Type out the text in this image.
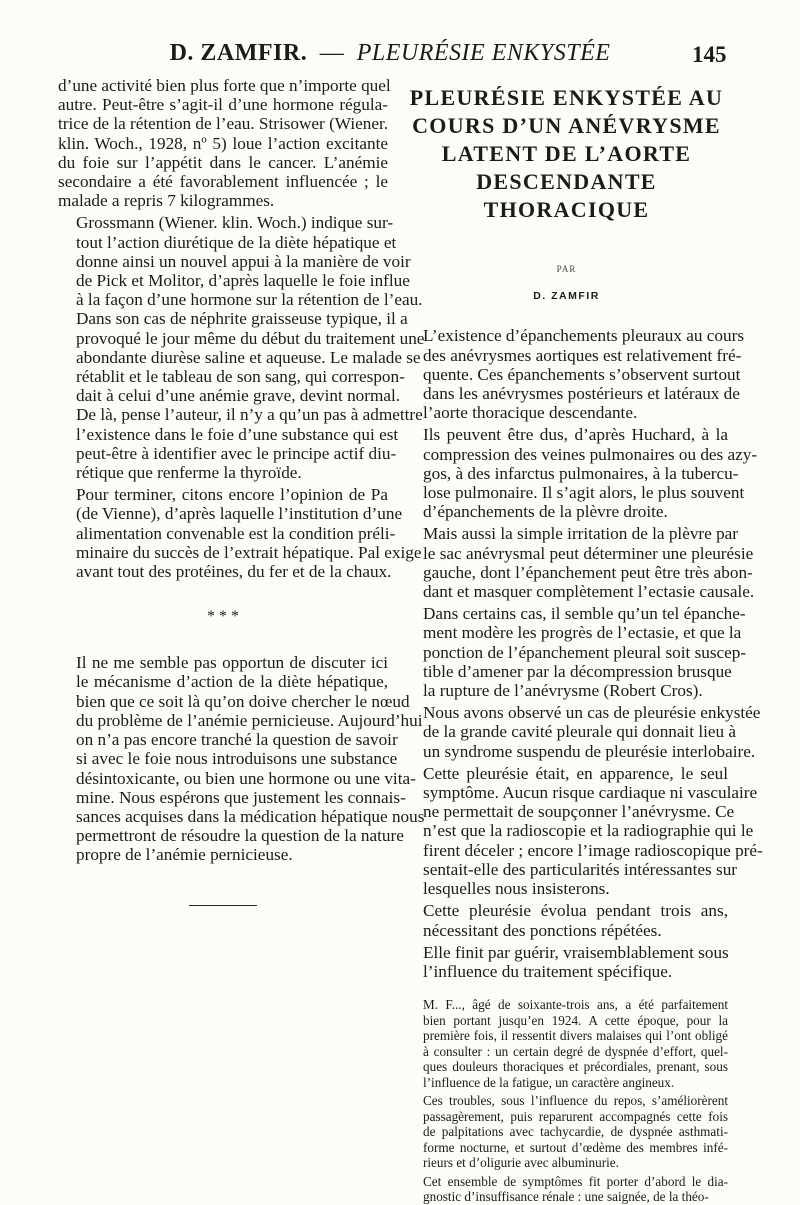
D. ZAMFIR. — PLEURÉSIE ENKYSTÉE	145

d’une activité bien plus forte que n’importe quel
autre. Peut-être s’agit-il d’une hormone régula-
trice de la rétention de l’eau. Strisower (Wiener.
klin. Woch., 1928, nº 5) loue l’action excitante
du foie sur l’appétit dans le cancer. L’anémie
secondaire a été favorablement influencée ; le
malade a repris 7 kilogrammes.

Grossmann (Wiener. klin. Woch.) indique sur-
tout l’action diurétique de la diète hépatique et
donne ainsi un nouvel appui à la manière de voir
de Pick et Molitor, d’après laquelle le foie influe
à la façon d’une hormone sur la rétention de l’eau.
Dans son cas de néphrite graisseuse typique, il a
provoqué le jour même du début du traitement une
abondante diurèse saline et aqueuse. Le malade se
rétablit et le tableau de son sang, qui correspon-
dait à celui d’une anémie grave, devint normal.
De là, pense l’auteur, il n’y a qu’un pas à admettre
l’existence dans le foie d’une substance qui est
peut-être à identifier avec le principe actif diu-
rétique que renferme la thyroïde.

Pour terminer, citons encore l’opinion de Pa
(de Vienne), d’après laquelle l’institution d’une
alimentation convenable est la condition préli-
minaire du succès de l’extrait hépatique. Pal exige
avant tout des protéines, du fer et de la chaux.

* * *

Il ne me semble pas opportun de discuter ici
le mécanisme d’action de la diète hépatique,
bien que ce soit là qu’on doive chercher le nœud
du problème de l’anémie pernicieuse. Aujourd’hui
on n’a pas encore tranché la question de savoir
si avec le foie nous introduisons une substance
désintoxicante, ou bien une hormone ou une vita-
mine. Nous espérons que justement les connais-
sances acquises dans la médication hépatique nous
permettront de résoudre la question de la nature
propre de l’anémie pernicieuse.

PLEURÉSIE ENKYSTÉE AU
COURS D’UN ANÉVRYSME
LATENT DE L’AORTE
DESCENDANTE THORACIQUE
PAR
D. ZAMFIR

L’existence d’épanchements pleuraux au cours
des anévrysmes aortiques est relativement fré-
quente. Ces épanchements s’observent surtout
dans les anévrysmes postérieurs et latéraux de
l’aorte thoracique descendante.

Ils peuvent être dus, d’après Huchard, à la
compression des veines pulmonaires ou des azy-
gos, à des infarctus pulmonaires, à la tubercu-
lose pulmonaire. Il s’agit alors, le plus souvent
d’épanchements de la plèvre droite.

Mais aussi la simple irritation de la plèvre par
le sac anévrysmal peut déterminer une pleurésie
gauche, dont l’épanchement peut être très abon-
dant et masquer complètement l’ectasie causale.

Dans certains cas, il semble qu’un tel épanche-
ment modère les progrès de l’ectasie, et que la
ponction de l’épanchement pleural soit suscep-
tible d’amener par la décompression brusque
la rupture de l’anévrysme (Robert Cros).

Nous avons observé un cas de pleurésie enkystée
de la grande cavité pleurale qui donnait lieu à
un syndrome suspendu de pleurésie interlobaire.

Cette pleurésie était, en apparence, le seul
symptôme. Aucun risque cardiaque ni vasculaire
ne permettait de soupçonner l’anévrysme. Ce
n’est que la radioscopie et la radiographie qui le
firent déceler ; encore l’image radioscopique pré-
sentait-elle des particularités intéressantes sur
lesquelles nous insisterons.

Cette pleurésie évolua pendant trois ans,
nécessitant des ponctions répétées.

Elle finit par guérir, vraisemblablement sous
l’influence du traitement spécifique.

M. F..., âgé de soixante-trois ans, a été parfaitement
bien portant jusqu’en 1924. A cette époque, pour la
première fois, il ressentit divers malaises qui l’ont obligé
à consulter : un certain degré de dyspnée d’effort, quel-
ques douleurs thoraciques et précordiales, prenant, sous
l’influence de la fatigue, un caractère angineux.

Ces troubles, sous l’influence du repos, s’améliorèrent
passagèrement, puis reparurent accompagnés cette fois
de palpitations avec tachycardie, de dyspnée asthmati-
forme nocturne, et surtout d’œdème des membres infé-
rieurs et d’oligurie avec albuminurie.

Cet ensemble de symptômes fit porter d’abord le dia-
gnostic d’insuffisance rénale : une saignée, de la théo-
